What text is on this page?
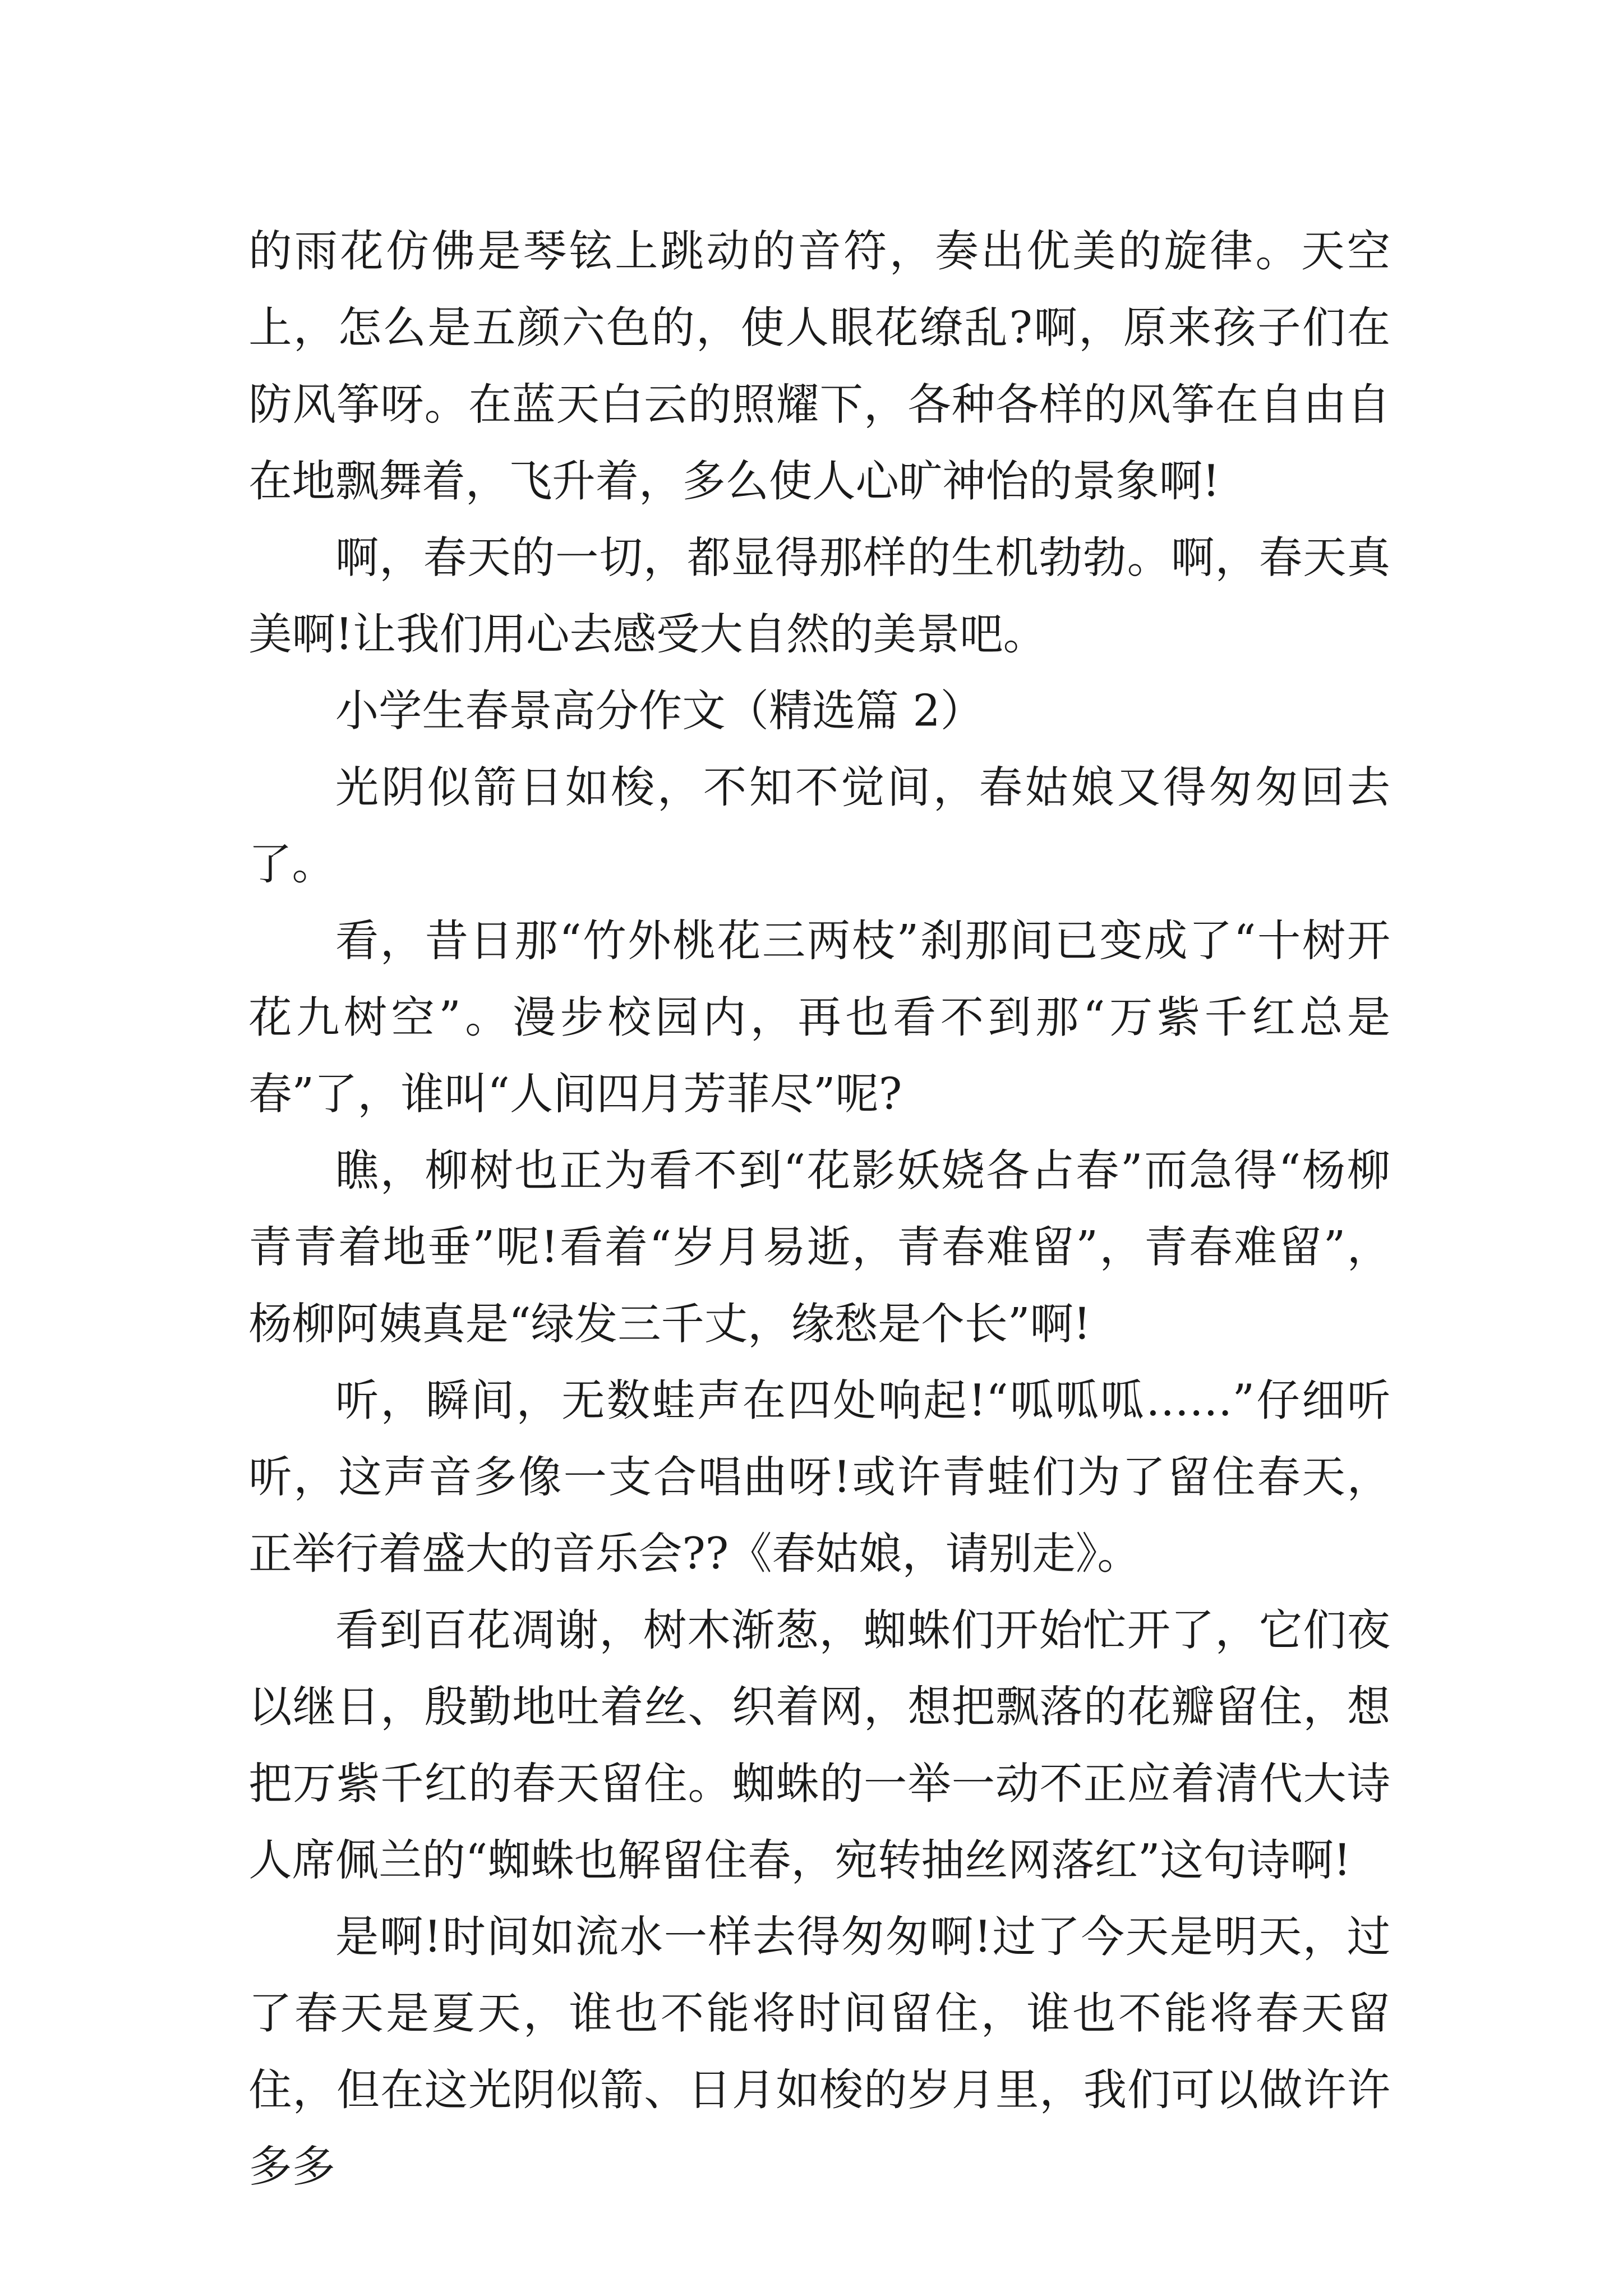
的雨花仿佛是琴铉上跳动的音符，奏出优美的旋律。天空上，怎么是五颜六色的，使人眼花缭乱?啊，原来孩子们在防风筝呀。在蓝天白云的照耀下，各种各样的风筝在自由自在地飘舞着，飞升着，多么使人心旷神怡的景象啊!

啊，春天的一切，都显得那样的生机勃勃。啊，春天真美啊!让我们用心去感受大自然的美景吧。

小学生春景高分作文（精选篇 2）

光阴似箭日如梭，不知不觉间，春姑娘又得匆匆回去了。

看，昔日那“竹外桃花三两枝”刹那间已变成了“十树开花九树空”。漫步校园内，再也看不到那“万紫千红总是春”了，谁叫“人间四月芳菲尽”呢?

瞧，柳树也正为看不到“花影妖娆各占春”而急得“杨柳青青着地垂”呢!看着“岁月易逝，青春难留”，青春难留”，杨柳阿姨真是“绿发三千丈，缘愁是个长”啊!

听，瞬间，无数蛙声在四处响起!“呱呱呱……”仔细听听，这声音多像一支合唱曲呀!或许青蛙们为了留住春天，正举行着盛大的音乐会??《春姑娘，请别走》。

看到百花凋谢，树木渐葱，蜘蛛们开始忙开了，它们夜以继日，殷勤地吐着丝、织着网，想把飘落的花瓣留住，想把万紫千红的春天留住。蜘蛛的一举一动不正应着清代大诗人席佩兰的“蜘蛛也解留住春，宛转抽丝网落红”这句诗啊!

是啊!时间如流水一样去得匆匆啊!过了今天是明天，过了春天是夏天，谁也不能将时间留住，谁也不能将春天留住，但在这光阴似箭、日月如梭的岁月里，我们可以做许许多多
